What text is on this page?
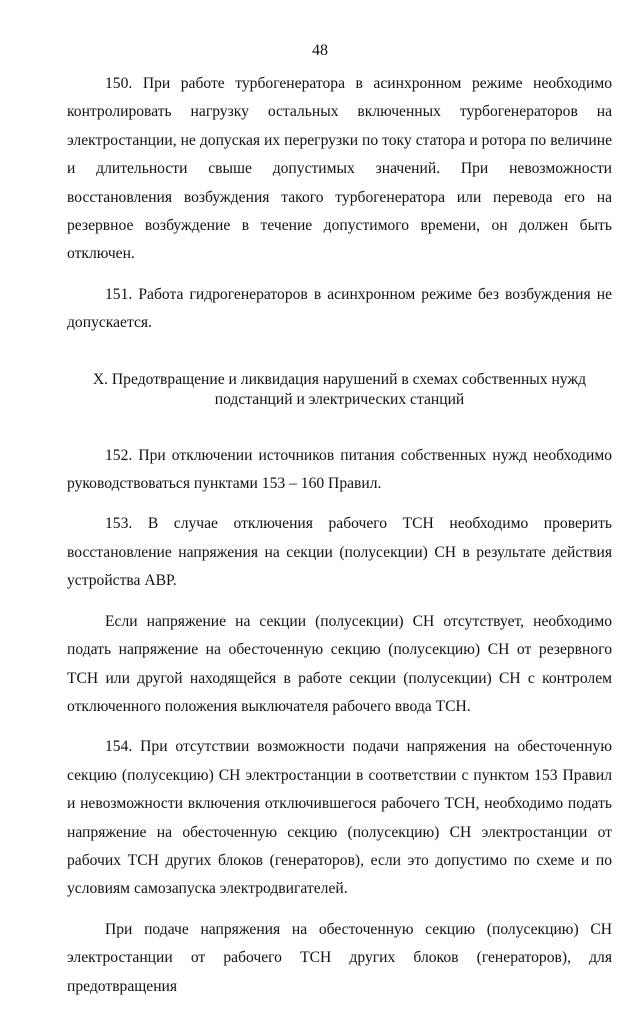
48

150. При работе турбогенератора в асинхронном режиме необходимо контролировать нагрузку остальных включенных турбогенераторов на электростанции, не допуская их перегрузки по току статора и ротора по величине и длительности свыше допустимых значений. При невозможности восстановления возбуждения такого турбогенератора или перевода его на резервное возбуждение в течение допустимого времени, он должен быть отключен.

151. Работа гидрогенераторов в асинхронном режиме без возбуждения не допускается.

X. Предотвращение и ликвидация нарушений в схемах собственных нужд
подстанций и электрических станций

152. При отключении источников питания собственных нужд необходимо руководствоваться пунктами 153 – 160 Правил.

153. В случае отключения рабочего ТСН необходимо проверить восстановление напряжения на секции (полусекции) СН в результате действия устройства АВР.

Если напряжение на секции (полусекции) СН отсутствует, необходимо подать напряжение на обесточенную секцию (полусекцию) СН от резервного ТСН или другой находящейся в работе секции (полусекции) СН с контролем отключенного положения выключателя рабочего ввода ТСН.

154. При отсутствии возможности подачи напряжения на обесточенную секцию (полусекцию) СН электростанции в соответствии с пунктом 153 Правил и невозможности включения отключившегося рабочего ТСН, необходимо подать напряжение на обесточенную секцию (полусекцию) СН электростанции от рабочих ТСН других блоков (генераторов), если это допустимо по схеме и по условиям самозапуска электродвигателей.

При подаче напряжения на обесточенную секцию (полусекцию) СН электростанции от рабочего ТСН других блоков (генераторов), для предотвращения
